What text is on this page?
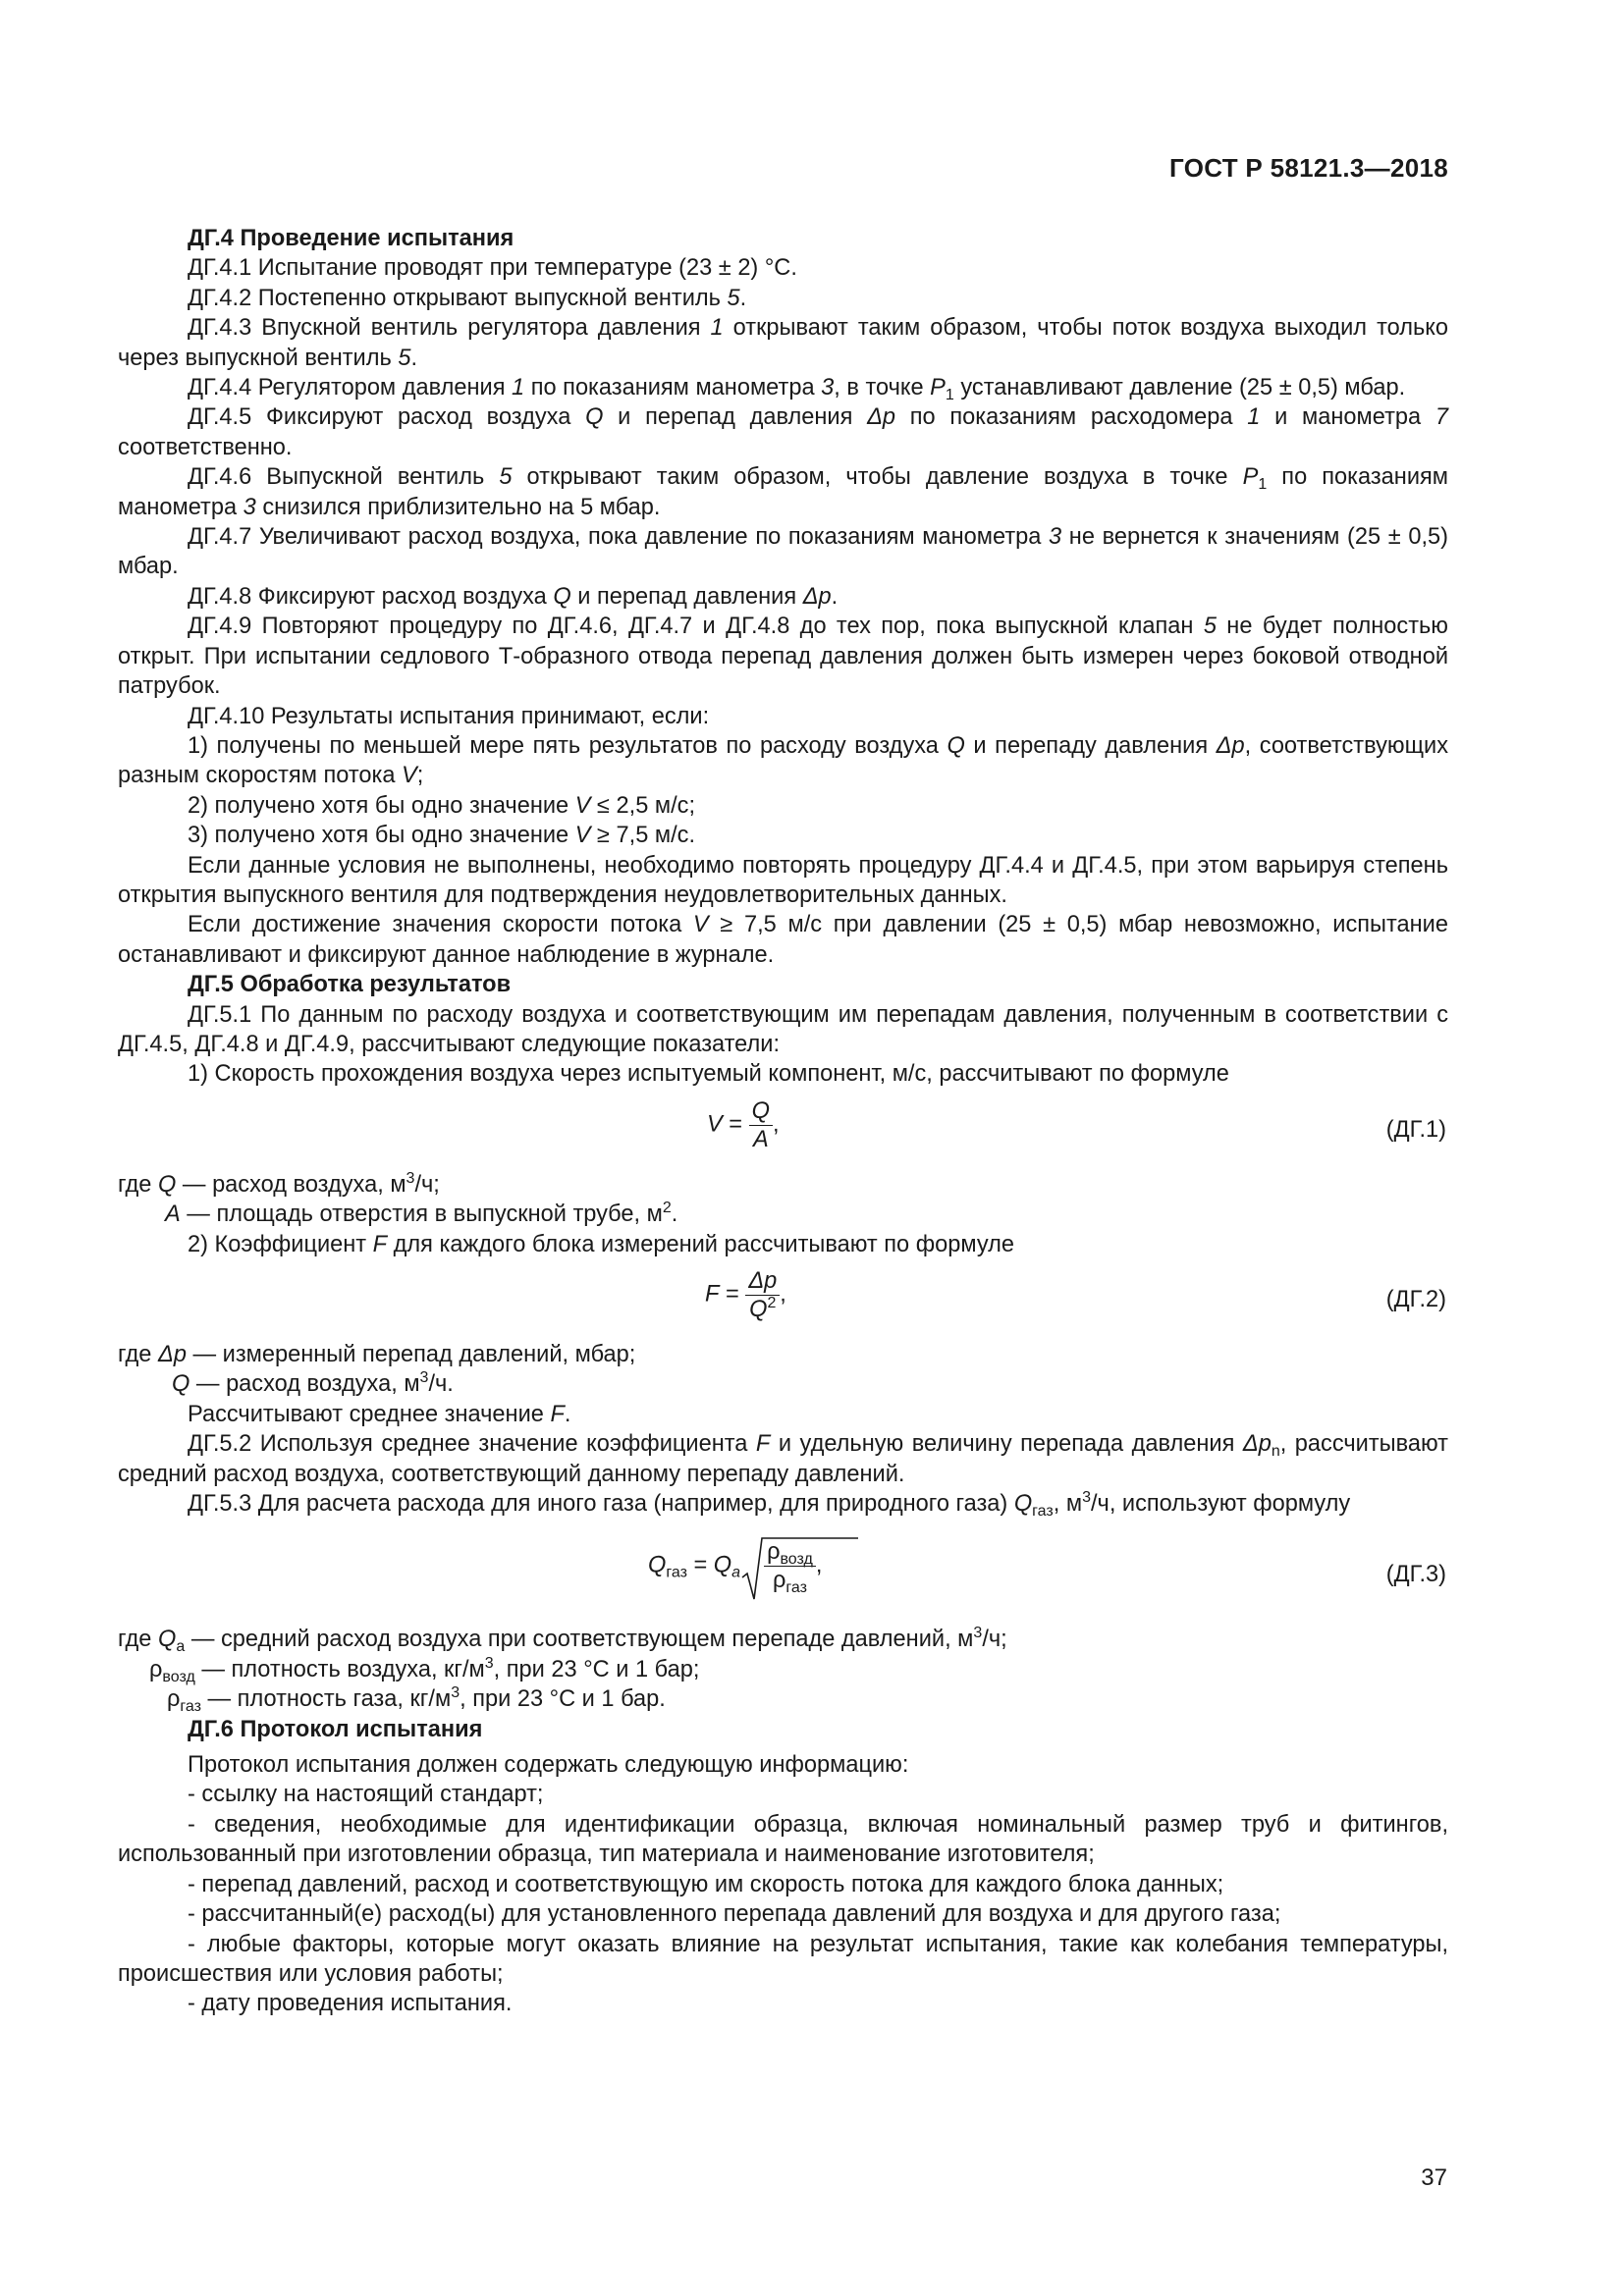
ГОСТ Р 58121.3—2018

ДГ.4 Проведение испытания

ДГ.4.1 Испытание проводят при температуре (23 ± 2) °С.

ДГ.4.2 Постепенно открывают выпускной вентиль 5.

ДГ.4.3 Впускной вентиль регулятора давления 1 открывают таким образом, чтобы поток воздуха выходил только через выпускной вентиль 5.

ДГ.4.4 Регулятором давления 1 по показаниям манометра 3, в точке $P_1$ устанавливают давление (25 ± 0,5) мбар.

ДГ.4.5 Фиксируют расход воздуха Q и перепад давления Δp по показаниям расходомера 1 и манометра 7 соответственно.

ДГ.4.6 Выпускной вентиль 5 открывают таким образом, чтобы давление воздуха в точке $P_1$ по показаниям манометра 3 снизился приблизительно на 5 мбар.

ДГ.4.7 Увеличивают расход воздуха, пока давление по показаниям манометра 3 не вернется к значениям (25 ± 0,5) мбар.

ДГ.4.8 Фиксируют расход воздуха Q и перепад давления Δp.

ДГ.4.9 Повторяют процедуру по ДГ.4.6, ДГ.4.7 и ДГ.4.8 до тех пор, пока выпускной клапан 5 не будет полностью открыт. При испытании седлового Т-образного отвода перепад давления должен быть измерен через боковой отводной патрубок.

ДГ.4.10 Результаты испытания принимают, если:

1) получены по меньшей мере пять результатов по расходу воздуха Q и перепаду давления Δp, соответствующих разным скоростям потока V;

2) получено хотя бы одно значение V ≤ 2,5 м/с;

3) получено хотя бы одно значение V ≥ 7,5 м/с.

Если данные условия не выполнены, необходимо повторять процедуру ДГ.4.4 и ДГ.4.5, при этом варьируя степень открытия выпускного вентиля для подтверждения неудовлетворительных данных.

Если достижение значения скорости потока V ≥ 7,5 м/с при давлении (25 ± 0,5) мбар невозможно, испытание останавливают и фиксируют данное наблюдение в журнале.

ДГ.5 Обработка результатов

ДГ.5.1 По данным по расходу воздуха и соответствующим им перепадам давления, полученным в соответствии с ДГ.4.5, ДГ.4.8 и ДГ.4.9, рассчитывают следующие показатели:

1) Скорость прохождения воздуха через испытуемый компонент, м/с, рассчитывают по формуле

$V = \frac{Q}{A}$ ,	(ДГ.1)

где Q — расход воздуха, $м^3/ч$;

A — площадь отверстия в выпускной трубе, $м^2$.

2) Коэффициент F для каждого блока измерений рассчитывают по формуле

$F = \frac{\Delta p}{Q^2}$ ,	(ДГ.2)

где Δp — измеренный перепад давлений, мбар;

Q — расход воздуха, $м^3/ч$.

Рассчитывают среднее значение F.

ДГ.5.2 Используя среднее значение коэффициента F и удельную величину перепада давления $\Delta p_n$, рассчитывают средний расход воздуха, соответствующий данному перепаду давлений.

ДГ.5.3 Для расчета расхода для иного газа (например, для природного газа) $Q_{газ}$, $м^3/ч$, используют формулу

$Q_{газ} = Q_a \frac{\rho_{возд}}{\rho_{газ}}$ ,	(ДГ.3)

где $Q_a$ — средний расход воздуха при соответствующем перепаде давлений, $м^3/ч$;

$\rho_{возд}$ — плотность воздуха, $кг/м^3$, при 23 °С и 1 бар;

$\rho_{газ}$ — плотность газа, $кг/м^3$, при 23 °С и 1 бар.

ДГ.6 Протокол испытания

Протокол испытания должен содержать следующую информацию:

- ссылку на настоящий стандарт;

- сведения, необходимые для идентификации образца, включая номинальный размер труб и фитингов, использованный при изготовлении образца, тип материала и наименование изготовителя;

- перепад давлений, расход и соответствующую им скорость потока для каждого блока данных;

- рассчитанный(е) расход(ы) для установленного перепада давлений для воздуха и для другого газа;

- любые факторы, которые могут оказать влияние на результат испытания, такие как колебания температуры, происшествия или условия работы;

- дату проведения испытания.

37
